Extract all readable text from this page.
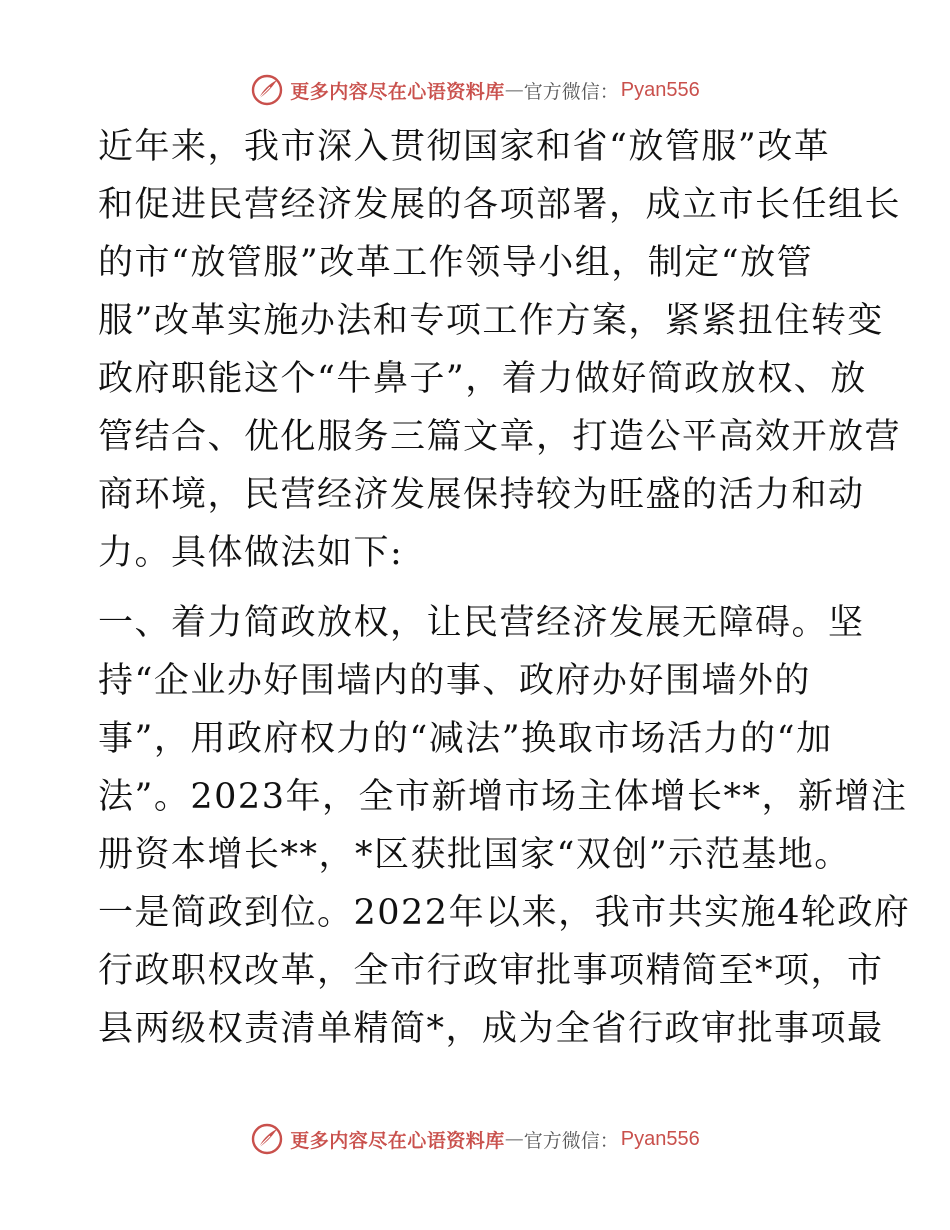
更多内容尽在心语资料库 — 官方微信： Pyan556
近年来，我市深入贯彻国家和省“放管服”改革
和促进民营经济发展的各项部署，成立市长任组长
的市“放管服”改革工作领导小组，制定“放管
服”改革实施办法和专项工作方案，紧紧扭住转变
政府职能这个“牛鼻子”，着力做好简政放权、放
管结合、优化服务三篇文章，打造公平高效开放营
商环境，民营经济发展保持较为旺盛的活力和动
力。具体做法如下:
一、着力简政放权，让民营经济发展无障碍。坚
持“企业办好围墙内的事、政府办好围墙外的
事”，用政府权力的“减法”换取市场活力的“加
法”。2023年，全市新增市场主体增长**，新增注
册资本增长**，*区获批国家“双创”示范基地。
一是简政到位。2022年以来，我市共实施4轮政府
行政职权改革，全市行政审批事项精简至*项，市
县两级权责清单精简*，成为全省行政审批事项最
更多内容尽在心语资料库 — 官方微信： Pyan556
